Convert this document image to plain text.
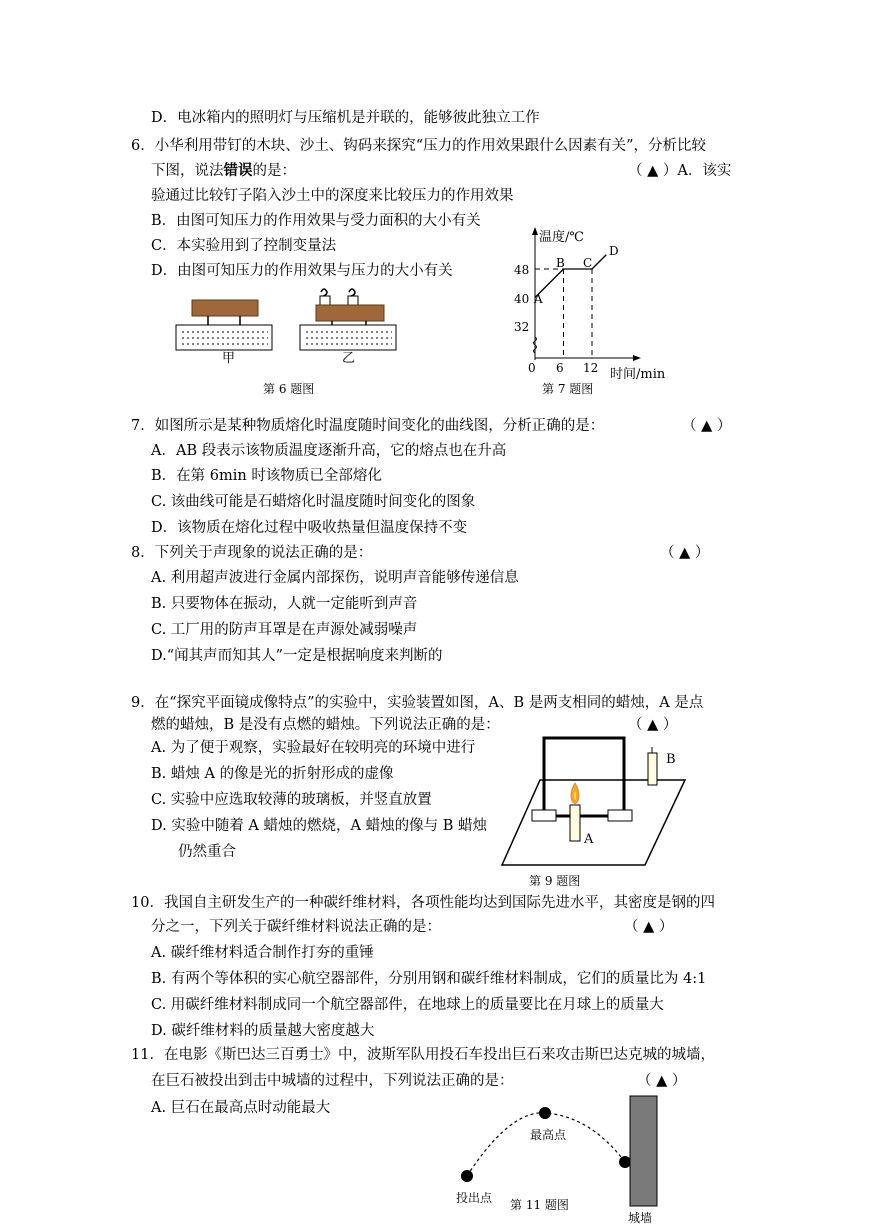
D．电冰箱内的照明灯与压缩机是并联的，能够彼此独立工作
6．小华利用带钉的木块、沙土、钩码来探究“压力的作用效果跟什么因素有关”，分析比较
下图，说法错误的是：	（ ▲ ）A．该实
验通过比较钉子陷入沙土中的深度来比较压力的作用效果
B．由图可知压力的作用效果与受力面积的大小有关
C．本实验用到了控制变量法
D．由图可知压力的作用效果与压力的大小有关
甲	乙
第 6 题图
温度/℃
时间/min
48
40
32
0 6 12
A
B C
D
第 7 题图
7．如图所示是某种物质熔化时温度随时间变化的曲线图，分析正确的是：	（ ▲ ）
A．AB 段表示该物质温度逐渐升高，它的熔点也在升高
B．在第 6min 时该物质已全部熔化
C. 该曲线可能是石蜡熔化时温度随时间变化的图象
D．该物质在熔化过程中吸收热量但温度保持不变
8．下列关于声现象的说法正确的是：	（ ▲ ）
A. 利用超声波进行金属内部探伤，说明声音能够传递信息
B. 只要物体在振动，人就一定能听到声音
C. 工厂用的防声耳罩是在声源处减弱噪声
D.“闻其声而知其人”一定是根据响度来判断的
9．在“探究平面镜成像特点”的实验中，实验装置如图，A、B 是两支相同的蜡烛，A 是点
燃的蜡烛，B 是没有点燃的蜡烛。下列说法正确的是：	（ ▲ ）
A. 为了便于观察，实验最好在较明亮的环境中进行
B. 蜡烛 A 的像是光的折射形成的虚像
C. 实验中应选取较薄的玻璃板，并竖直放置
D. 实验中随着 A 蜡烛的燃烧，A 蜡烛的像与 B 蜡烛
仍然重合
B
A
第 9 题图
10．我国自主研发生产的一种碳纤维材料，各项性能均达到国际先进水平，其密度是钢的四
分之一，下列关于碳纤维材料说法正确的是：	（ ▲ ）
A. 碳纤维材料适合制作打夯的重锤
B. 有两个等体积的实心航空器部件，分别用钢和碳纤维材料制成，它们的质量比为 4:1
C. 用碳纤维材料制成同一个航空器部件，在地球上的质量要比在月球上的质量大
D. 碳纤维材料的质量越大密度越大
11．在电影《斯巴达三百勇士》中，波斯军队用投石车投出巨石来攻击斯巴达克城的城墙，
在巨石被投出到击中城墙的过程中，下列说法正确的是：	（ ▲ ）
A. 巨石在最高点时动能最大
最高点
投出点
城墙
第 11 题图
